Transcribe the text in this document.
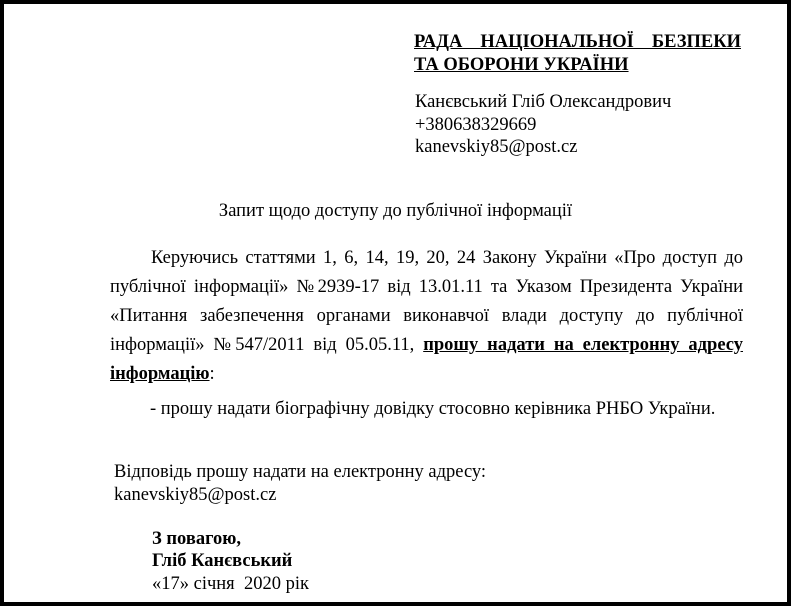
РАДА НАЦІОНАЛЬНОЇ БЕЗПЕКИ
ТА ОБОРОНИ УКРАЇНИ
Канєвський Гліб Олександрович
+380638329669
kanevskiy85@post.cz
Запит щодо доступу до публічної інформації

Керуючись статтями 1, 6, 14, 19, 20, 24 Закону України «Про доступ до публічної інформації» №2939-17 від 13.01.11 та Указом Президента України «Питання забезпечення органами виконавчої влади доступу до публічної інформації» №547/2011 від 05.05.11, прошу надати на електронну адресу інформацію:

- прошу надати біографічну довідку стосовно керівника РНБО України.
Відповідь прошу надати на електронну адресу:
kanevskiy85@post.cz
З повагою,
Гліб Канєвський
«17» січня  2020 рік
